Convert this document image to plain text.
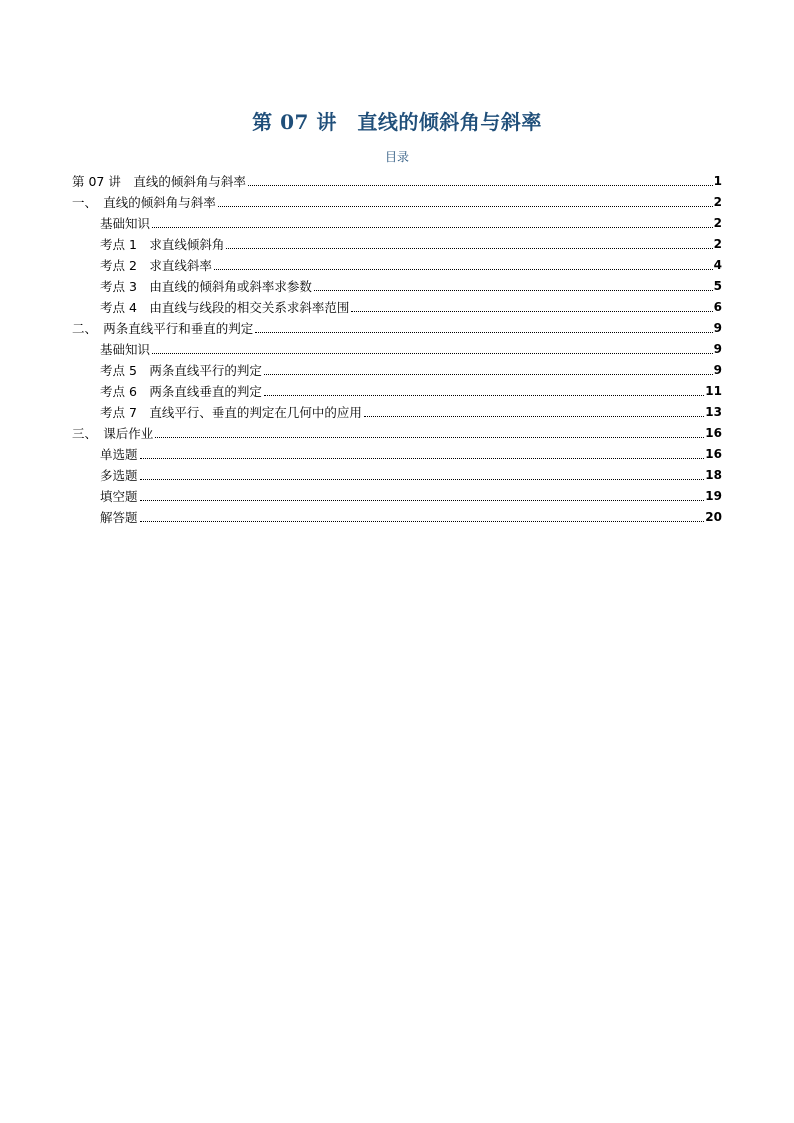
第 07 讲　直线的倾斜角与斜率
目录
第 07 讲　直线的倾斜角与斜率	1
一、　直线的倾斜角与斜率	2
基础知识	2
考点 1　求直线倾斜角	2
考点 2　求直线斜率	4
考点 3　由直线的倾斜角或斜率求参数	5
考点 4　由直线与线段的相交关系求斜率范围	6
二、　两条直线平行和垂直的判定	9
基础知识	9
考点 5　两条直线平行的判定	9
考点 6　两条直线垂直的判定	11
考点 7　直线平行、垂直的判定在几何中的应用	13
三、　课后作业	16
单选题	16
多选题	18
填空题	19
解答题	20
